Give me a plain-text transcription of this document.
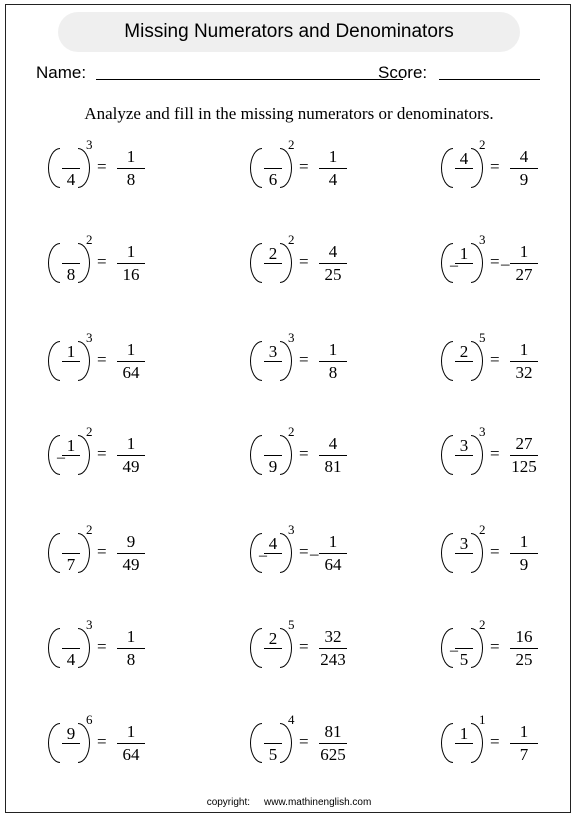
Missing Numerators and Denominators
Name:	Score:
Analyze and fill in the missing numerators or denominators.
4
3
=
1
8	6
2
=
1
4
4
2
=
4
9
8
2
=
1
16
2
2
=
4
25	–
1
3
= –
1
27
1
3
=
1
64
3
3
=
1
8
2
5
=
1
32
–
1
2
=
1
49	9
2
=
4
81
3
3
=
27
125
7
2
=
9
49	–
4
3
= –
1
64
3
2
=
1
9
4
3
=
1
8
2
5
=
32
243	– 5
2
=
16
25
9
6
=
1
64	5
4
=
81
625
1
1
=
1
7
copyright: www.mathinenglish.com
